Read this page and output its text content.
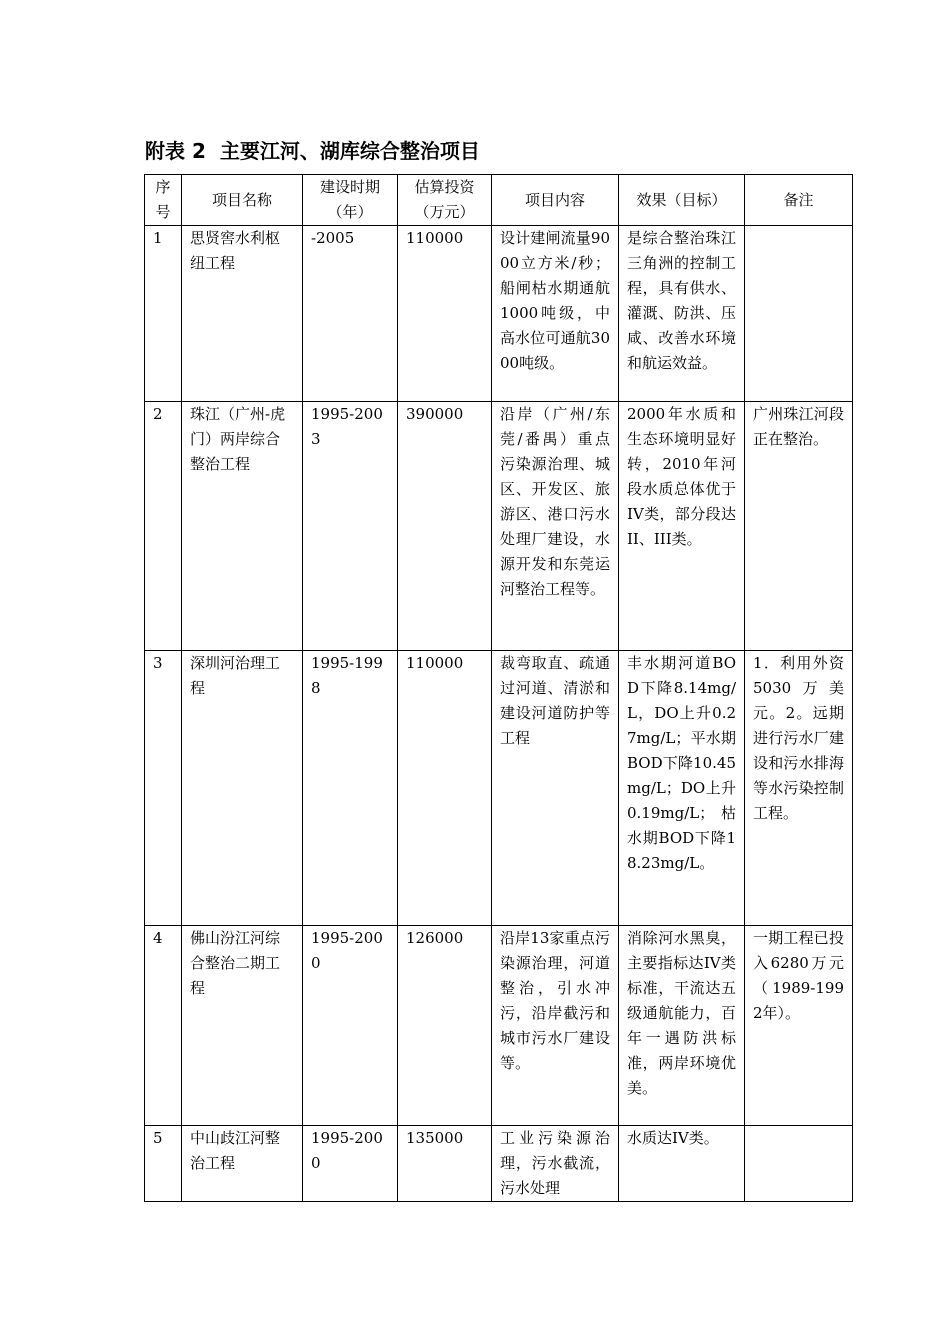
附表 2 主要江河、湖库综合整治项目
序号	项目名称	建设时期（年）	估算投资（万元）	项目内容	效果（目标）	备注
1	思贤窖水利枢纽工程	-2005	110000	设计建闸流量9000立方米/秒；船闸枯水期通航1000吨级，中高水位可通航3000吨级。	是综合整治珠江三角洲的控制工程，具有供水、灌溉、防洪、压咸、改善水环境和航运效益。	
2	珠江（广州-虎门）两岸综合整治工程	1995-2003	390000	沿岸（广州/东莞/番禺）重点污染源治理、城区、开发区、旅游区、港口污水处理厂建设，水源开发和东莞运河整治工程等。	2000年水质和生态环境明显好转，2010年河段水质总体优于IV类，部分段达II、III类。	广州珠江河段正在整治。
3	深圳河治理工程	1995-1998	110000	裁弯取直、疏通过河道、清淤和建设河道防护等工程	丰水期河道BOD下降8.14mg/L，DO上升0.27mg/L；平水期BOD下降10.45mg/L；DO上升0.19mg/L；枯水期BOD下降18.23mg/L。	1．利用外资5030万美元。2。远期进行污水厂建设和污水排海等水污染控制工程。
4	佛山汾江河综合整治二期工程	1995-2000	126000	沿岸13家重点污染源治理，河道整治，引水冲污，沿岸截污和城市污水厂建设等。	消除河水黑臭，主要指标达IV类标准，干流达五级通航能力，百年一遇防洪标准，两岸环境优美。	一期工程已投入6280万元（1989-1992年）。
5	中山歧江河整治工程	1995-2000	135000	工业污染源治理，污水截流，污水处理	水质达IV类。	
